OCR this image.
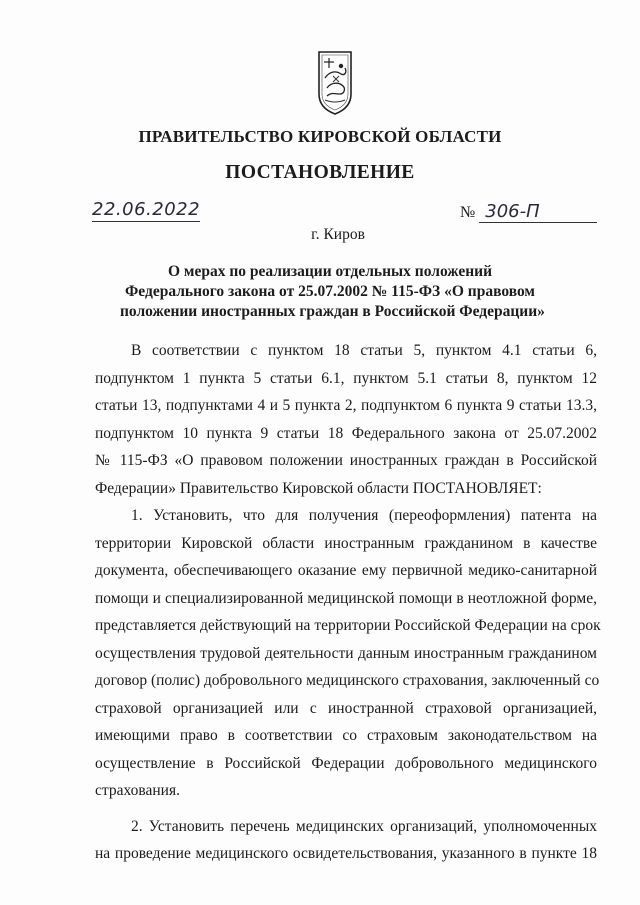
ПРАВИТЕЛЬСТВО КИРОВСКОЙ ОБЛАСТИ
ПОСТАНОВЛЕНИЕ
22.06.2022	№ 306-П
г. Киров
О мерах по реализации отдельных положений
Федерального закона от 25.07.2002 № 115-ФЗ «О правовом
положении иностранных граждан в Российской Федерации»

В соответствии с пунктом 18 статьи 5, пунктом 4.1 статьи 6,
подпунктом 1 пункта 5 статьи 6.1, пунктом 5.1 статьи 8, пунктом 12
статьи 13, подпунктами 4 и 5 пункта 2, подпунктом 6 пункта 9 статьи 13.3,
подпунктом 10 пункта 9 статьи 18 Федерального закона от 25.07.2002
№ 115-ФЗ «О правовом положении иностранных граждан в Российской
Федерации» Правительство Кировской области ПОСТАНОВЛЯЕТ:

1. Установить, что для получения (переоформления) патента на
территории Кировской области иностранным гражданином в качестве
документа, обеспечивающего оказание ему первичной медико-санитарной
помощи и специализированной медицинской помощи в неотложной форме,
представляется действующий на территории Российской Федерации на срок
осуществления трудовой деятельности данным иностранным гражданином
договор (полис) добровольного медицинского страхования, заключенный со
страховой организацией или с иностранной страховой организацией,
имеющими право в соответствии со страховым законодательством на
осуществление в Российской Федерации добровольного медицинского
страхования.

2. Установить перечень медицинских организаций, уполномоченных
на проведение медицинского освидетельствования, указанного в пункте 18
